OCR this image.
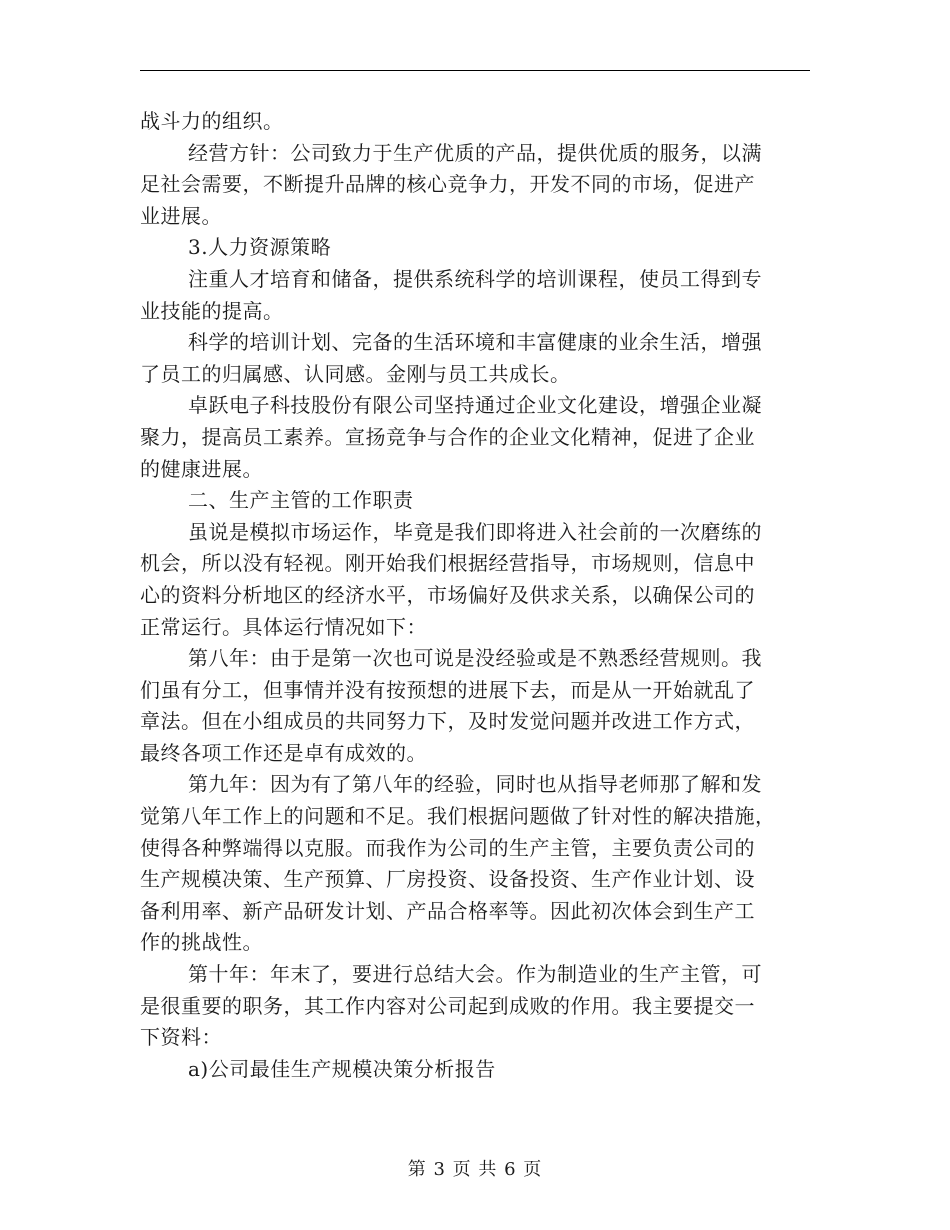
战斗力的组织。
经营方针：公司致力于生产优质的产品，提供优质的服务，以满
足社会需要，不断提升品牌的核心竞争力，开发不同的市场，促进产
业进展。
3.人力资源策略
注重人才培育和储备，提供系统科学的培训课程，使员工得到专
业技能的提高。
科学的培训计划、完备的生活环境和丰富健康的业余生活，增强
了员工的归属感、认同感。金刚与员工共成长。
卓跃电子科技股份有限公司坚持通过企业文化建设，增强企业凝
聚力，提高员工素养。宣扬竞争与合作的企业文化精神，促进了企业
的健康进展。
二、生产主管的工作职责
虽说是模拟市场运作，毕竟是我们即将进入社会前的一次磨练的
机会，所以没有轻视。刚开始我们根据经营指导，市场规则，信息中
心的资料分析地区的经济水平，市场偏好及供求关系，以确保公司的
正常运行。具体运行情况如下：
第八年：由于是第一次也可说是没经验或是不熟悉经营规则。我
们虽有分工，但事情并没有按预想的进展下去，而是从一开始就乱了
章法。但在小组成员的共同努力下，及时发觉问题并改进工作方式，
最终各项工作还是卓有成效的。
第九年：因为有了第八年的经验，同时也从指导老师那了解和发
觉第八年工作上的问题和不足。我们根据问题做了针对性的解决措施，
使得各种弊端得以克服。而我作为公司的生产主管，主要负责公司的
生产规模决策、生产预算、厂房投资、设备投资、生产作业计划、设
备利用率、新产品研发计划、产品合格率等。因此初次体会到生产工
作的挑战性。
第十年：年末了，要进行总结大会。作为制造业的生产主管，可
是很重要的职务，其工作内容对公司起到成败的作用。我主要提交一
下资料：
a)公司最佳生产规模决策分析报告
第 3 页 共 6 页
